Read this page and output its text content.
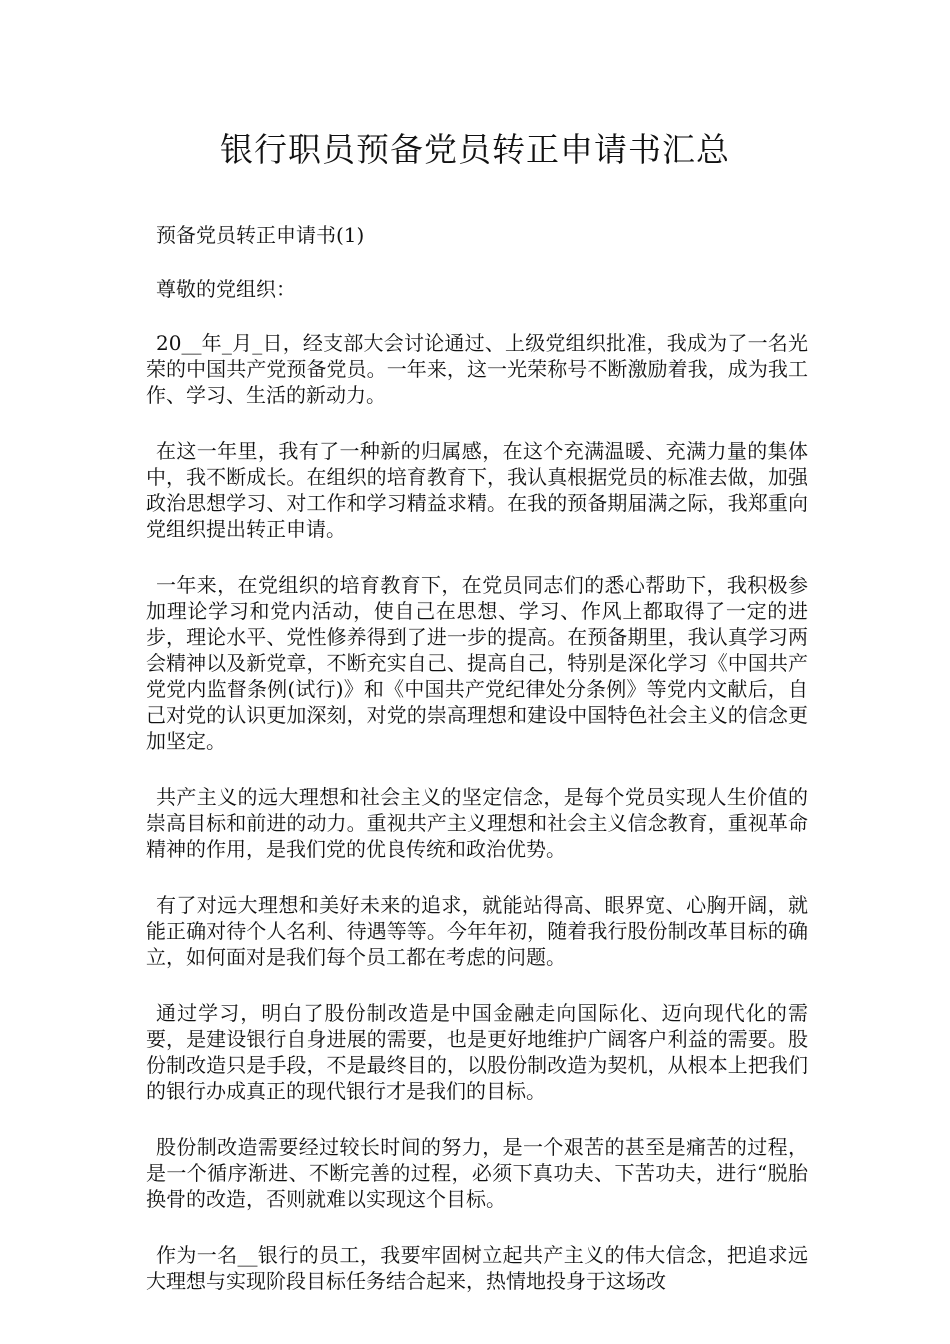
银行职员预备党员转正申请书汇总

预备党员转正申请书(1)

尊敬的党组织：

20__年_月_日，经支部大会讨论通过、上级党组织批准，我成为了一名光荣的中国共产党预备党员。一年来，这一光荣称号不断激励着我，成为我工作、学习、生活的新动力。

在这一年里，我有了一种新的归属感，在这个充满温暖、充满力量的集体中，我不断成长。在组织的培育教育下，我认真根据党员的标准去做，加强政治思想学习、对工作和学习精益求精。在我的预备期届满之际，我郑重向党组织提出转正申请。

一年来，在党组织的培育教育下，在党员同志们的悉心帮助下，我积极参加理论学习和党内活动，使自己在思想、学习、作风上都取得了一定的进步，理论水平、党性修养得到了进一步的提高。在预备期里，我认真学习两会精神以及新党章，不断充实自己、提高自己，特别是深化学习《中国共产党党内监督条例(试行)》和《中国共产党纪律处分条例》等党内文献后，自己对党的认识更加深刻，对党的崇高理想和建设中国特色社会主义的信念更加坚定。

共产主义的远大理想和社会主义的坚定信念，是每个党员实现人生价值的崇高目标和前进的动力。重视共产主义理想和社会主义信念教育，重视革命精神的作用，是我们党的优良传统和政治优势。

有了对远大理想和美好未来的追求，就能站得高、眼界宽、心胸开阔，就能正确对待个人名利、待遇等等。今年年初，随着我行股份制改革目标的确立，如何面对是我们每个员工都在考虑的问题。

通过学习，明白了股份制改造是中国金融走向国际化、迈向现代化的需要，是建设银行自身进展的需要，也是更好地维护广阔客户利益的需要。股份制改造只是手段，不是最终目的，以股份制改造为契机，从根本上把我们的银行办成真正的现代银行才是我们的目标。

股份制改造需要经过较长时间的努力，是一个艰苦的甚至是痛苦的过程，是一个循序渐进、不断完善的过程，必须下真功夫、下苦功夫，进行“脱胎换骨的改造，否则就难以实现这个目标。

作为一名__银行的员工，我要牢固树立起共产主义的伟大信念，把追求远大理想与实现阶段目标任务结合起来，热情地投身于这场改
